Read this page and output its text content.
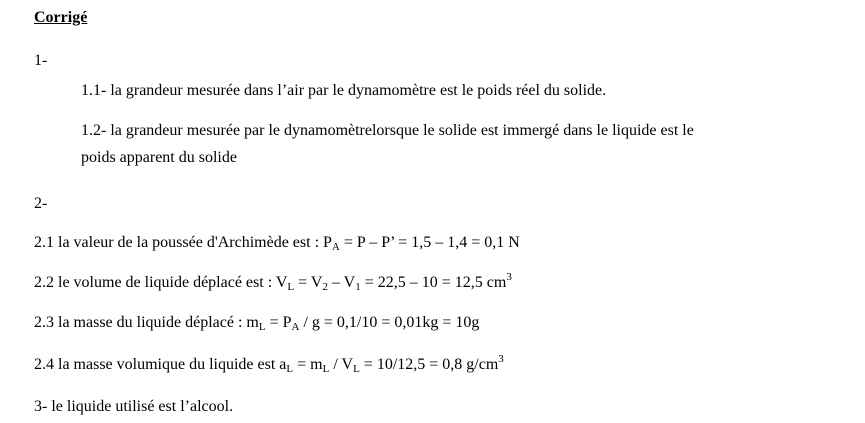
Corrigé
1-
1.1- la grandeur mesurée dans l’air par le dynamomètre est le poids réel du solide.
1.2- la grandeur mesurée par le dynamomètrelorsque le solide est immergé dans le liquide est le
poids apparent du solide
2-
2.1 la valeur de la poussée d'Archimède est : $P_A = P - P$’ = 1,5 – 1,4 = 0,1 N
2.2 le volume de liquide déplacé est : $V_L = V_2 - V_1 = 22,5 - 10 = 12,5$ $cm^3$
2.3 la masse du liquide déplacé : $m_L = P_A / g = 0,1/10 = 0,01kg = 10g$
2.4 la masse volumique du liquide est $a_L = m_L / V_L = 10/12,5 = 0,8$ $g/cm^3$
3- le liquide utilisé est l’alcool.
